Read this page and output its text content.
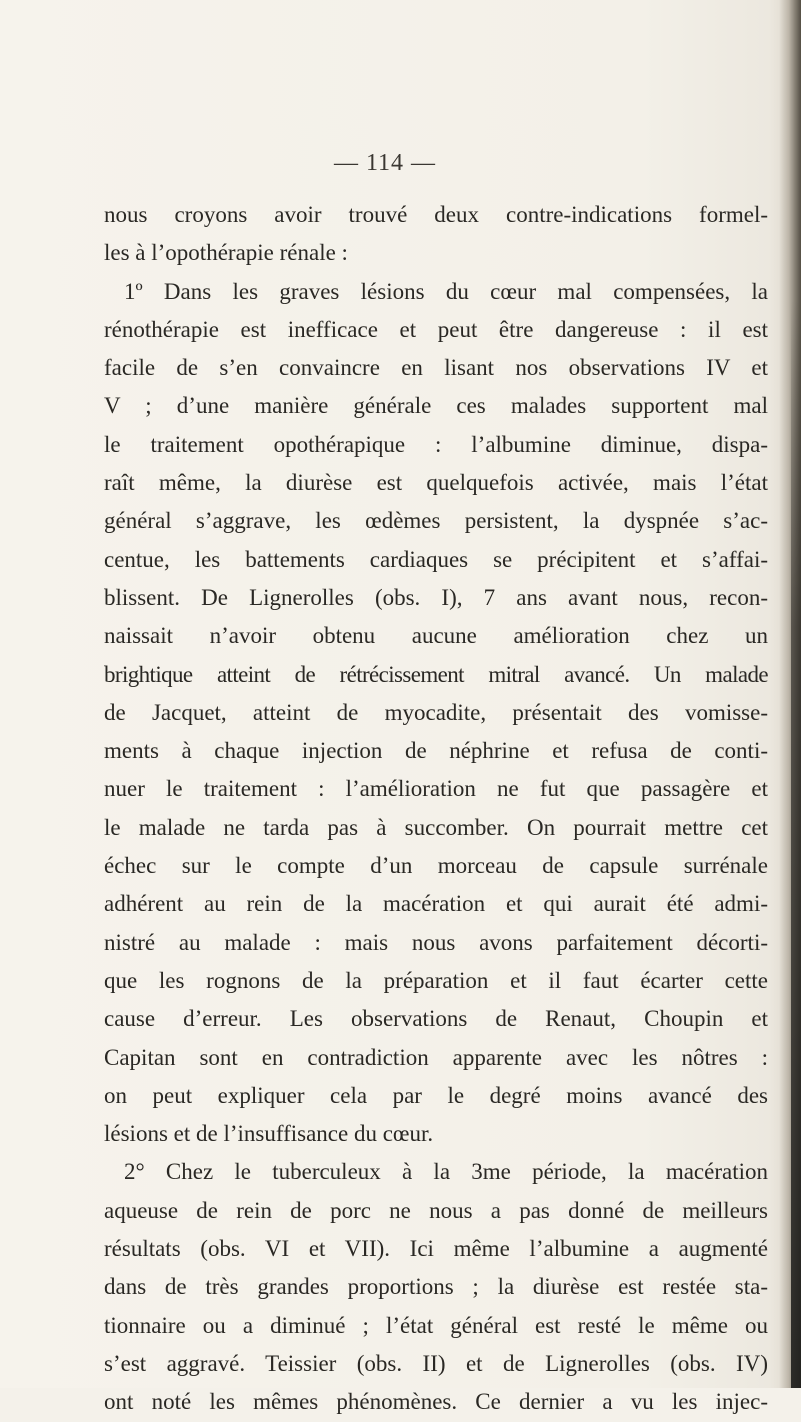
— 114 —
nous croyons avoir trouvé deux contre-indications formel-
les à l’opothérapie rénale :
1º Dans les graves lésions du cœur mal compensées, la
rénothérapie est inefficace et peut être dangereuse : il est
facile de s’en convaincre en lisant nos observations IV et
V ; d’une manière générale ces malades supportent mal
le traitement opothérapique : l’albumine diminue, dispa-
raît même, la diurèse est quelquefois activée, mais l’état
général s’aggrave, les œdèmes persistent, la dyspnée s’ac-
centue, les battements cardiaques se précipitent et s’affai-
blissent. De Lignerolles (obs. I), 7 ans avant nous, recon-
naissait n’avoir obtenu aucune amélioration chez un
brightique atteint de rétrécissement mitral avancé. Un malade
de Jacquet, atteint de myocadite, présentait des vomisse-
ments à chaque injection de néphrine et refusa de conti-
nuer le traitement : l’amélioration ne fut que passagère et
le malade ne tarda pas à succomber. On pourrait mettre cet
échec sur le compte d’un morceau de capsule surrénale
adhérent au rein de la macération et qui aurait été admi-
nistré au malade : mais nous avons parfaitement décorti-
que les rognons de la préparation et il faut écarter cette
cause d’erreur. Les observations de Renaut, Choupin et
Capitan sont en contradiction apparente avec les nôtres :
on peut expliquer cela par le degré moins avancé des
lésions et de l’insuffisance du cœur.
2° Chez le tuberculeux à la 3me période, la macération
aqueuse de rein de porc ne nous a pas donné de meilleurs
résultats (obs. VI et VII). Ici même l’albumine a augmenté
dans de très grandes proportions ; la diurèse est restée sta-
tionnaire ou a diminué ; l’état général est resté le même ou
s’est aggravé. Teissier (obs. II) et de Lignerolles (obs. IV)
ont noté les mêmes phénomènes. Ce dernier a vu les injec-
